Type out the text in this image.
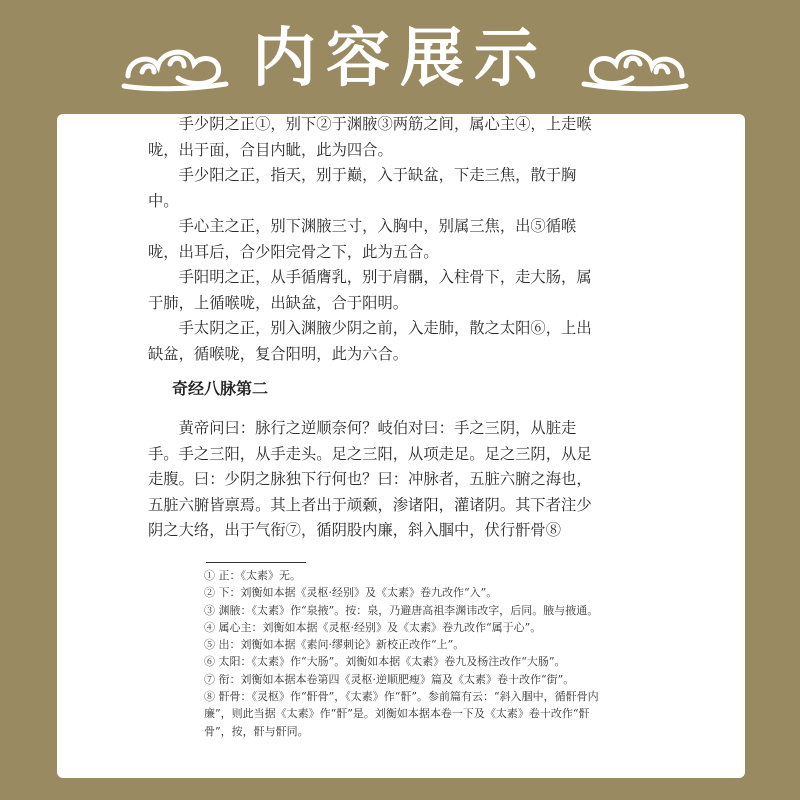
内容展示

手少阴之正①，别下②于渊腋③两筋之间，属心主④，上走喉咙，出于面，合目内眦，此为四合。

手少阳之正，指天，别于巅，入于缺盆，下走三焦，散于胸中。

手心主之正，别下渊腋三寸，入胸中，别属三焦，出⑤循喉咙，出耳后，合少阳完骨之下，此为五合。

手阳明之正，从手循膺乳，别于肩髃，入柱骨下，走大肠，属于肺，上循喉咙，出缺盆，合于阳明。

手太阴之正，别入渊腋少阴之前，入走肺，散之太阳⑥，上出缺盆，循喉咙，复合阳明，此为六合。

奇经八脉第二

黄帝问曰：脉行之逆顺奈何？岐伯对曰：手之三阴，从脏走手。手之三阳，从手走头。足之三阳，从项走足。足之三阴，从足走腹。曰：少阴之脉独下行何也？曰：冲脉者，五脏六腑之海也，五脏六腑皆禀焉。其上者出于颃颡，渗诸阳，灌诸阴。其下者注少阴之大络，出于气衔⑦，循阴股内廉，斜入腘中，伏行骭骨⑧

① 正：《太素》无。

② 下：刘衡如本据《灵枢·经别》及《太素》卷九改作“入”。

③ 渊腋：《太素》作“泉掖”。按：泉，乃避唐高祖李渊讳改字，后同。腋与掖通。

④ 属心主：刘衡如本据《灵枢·经别》及《太素》卷九改作“属于心”。

⑤ 出：刘衡如本据《素问·缪刺论》新校正改作“上”。

⑥ 太阳：《太素》作“大肠”。刘衡如本据《太素》卷九及杨注改作“大肠”。

⑦ 衔：刘衡如本据本卷第四《灵枢·逆顺肥瘦》篇及《太素》卷十改作“街”。

⑧ 骭骨：《灵枢》作“骭骨”，《太素》作“骭”。参前篇有云：“斜入腘中，循骭骨内廉”，则此当据《太素》作“骭”是。刘衡如本据本卷一下及《太素》卷十改作“骭骨”，按，骭与骭同。
